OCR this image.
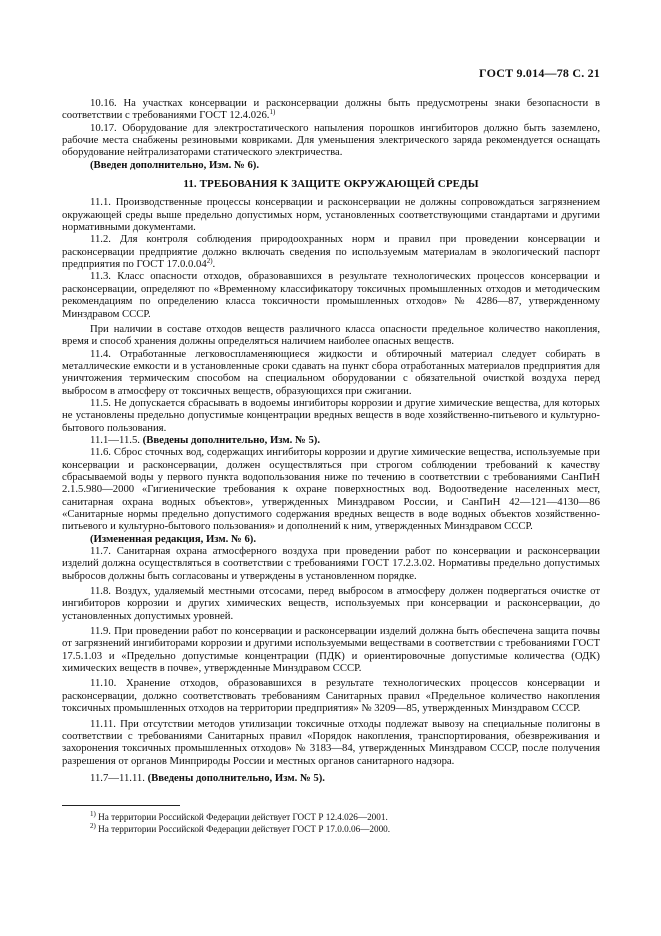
ГОСТ 9.014—78 С. 21

10.16. На участках консервации и расконсервации должны быть предусмотрены знаки безопасности в соответствии с требованиями ГОСТ 12.4.026.$^{1)}$

10.17. Оборудование для электростатического напыления порошков ингибиторов должно быть заземлено, рабочие места снабжены резиновыми ковриками. Для уменьшения электрического заряда рекомендуется оснащать оборудование нейтрализаторами статического электричества.

(Введен дополнительно, Изм. № 6).

11. ТРЕБОВАНИЯ К ЗАЩИТЕ ОКРУЖАЮЩЕЙ СРЕДЫ

11.1. Производственные процессы консервации и расконсервации не должны сопровождаться загрязнением окружающей среды выше предельно допустимых норм, установленных соответствующими стандартами и другими нормативными документами.

11.2. Для контроля соблюдения природоохранных норм и правил при проведении консервации и расконсервации предприятие должно включать сведения по используемым материалам в экологический паспорт предприятия по ГОСТ 17.0.0.04$^{2)}$.

11.3. Класс опасности отходов, образовавшихся в результате технологических процессов консервации и расконсервации, определяют по «Временному классификатору токсичных промышленных отходов и методическим рекомендациям по определению класса токсичности промышленных отходов» № 4286—87, утвержденному Минздравом СССР.

При наличии в составе отходов веществ различного класса опасности предельное количество накопления, время и способ хранения должны определяться наличием наиболее опасных веществ.

11.4. Отработанные легковоспламеняющиеся жидкости и обтирочный материал следует собирать в металлические емкости и в установленные сроки сдавать на пункт сбора отработанных материалов предприятия для уничтожения термическим способом на специальном оборудовании с обязательной очисткой воздуха перед выбросом в атмосферу от токсичных веществ, образующихся при сжигании.

11.5. Не допускается сбрасывать в водоемы ингибиторы коррозии и другие химические вещества, для которых не установлены предельно допустимые концентрации вредных веществ в воде хозяйственно-питьевого и культурно-бытового пользования.

11.1—11.5. (Введены дополнительно, Изм. № 5).

11.6. Сброс сточных вод, содержащих ингибиторы коррозии и другие химические вещества, используемые при консервации и расконсервации, должен осуществляться при строгом соблюдении требований к качеству сбрасываемой воды у первого пункта водопользования ниже по течению в соответствии с требованиями СанПиН 2.1.5.980—2000 «Гигиенические требования к охране поверхностных вод. Водоотведение населенных мест, санитарная охрана водных объектов», утвержденных Минздравом России, и СанПиН 42—121—4130—86 «Санитарные нормы предельно допустимого содержания вредных веществ в воде водных объектов хозяйственно-питьевого и культурно-бытового пользования» и дополнений к ним, утвержденных Минздравом СССР.

(Измененная редакция, Изм. № 6).

11.7. Санитарная охрана атмосферного воздуха при проведении работ по консервации и расконсервации изделий должна осуществляться в соответствии с требованиями ГОСТ 17.2.3.02. Нормативы предельно допустимых выбросов должны быть согласованы и утверждены в установленном порядке.

11.8. Воздух, удаляемый местными отсосами, перед выбросом в атмосферу должен подвергаться очистке от ингибиторов коррозии и других химических веществ, используемых при консервации и расконсервации, до установленных допустимых уровней.

11.9. При проведении работ по консервации и расконсервации изделий должна быть обеспечена защита почвы от загрязнений ингибиторами коррозии и другими используемыми веществами в соответствии с требованиями ГОСТ 17.5.1.03 и «Предельно допустимые концентрации (ПДК) и ориентировочные допустимые количества (ОДК) химических веществ в почве», утвержденные Минздравом СССР.

11.10. Хранение отходов, образовавшихся в результате технологических процессов консервации и расконсервации, должно соответствовать требованиям Санитарных правил «Предельное количество накопления токсичных промышленных отходов на территории предприятия» № 3209—85, утвержденных Минздравом СССР.

11.11. При отсутствии методов утилизации токсичные отходы подлежат вывозу на специальные полигоны в соответствии с требованиями Санитарных правил «Порядок накопления, транспортирования, обезвреживания и захоронения токсичных промышленных отходов» № 3183—84, утвержденных Минздравом СССР, после получения разрешения от органов Минприроды России и местных органов санитарного надзора.

11.7—11.11. (Введены дополнительно, Изм. № 5).

$^{1)}$ На территории Российской Федерации действует ГОСТ Р 12.4.026—2001.

$^{2)}$ На территории Российской Федерации действует ГОСТ Р 17.0.0.06—2000.
